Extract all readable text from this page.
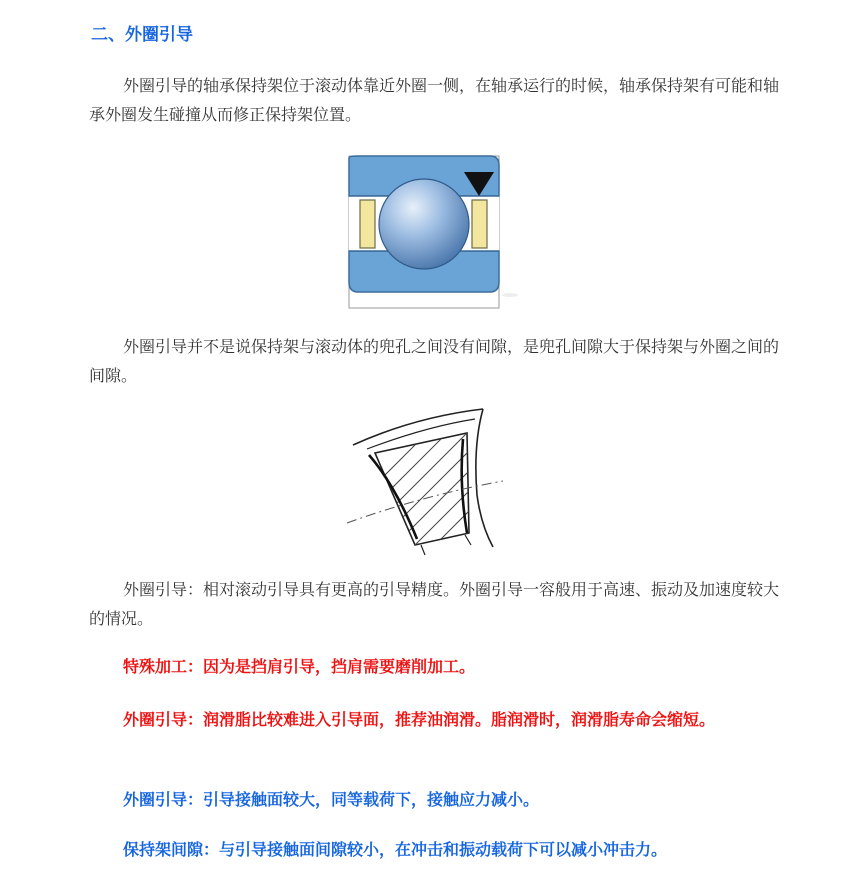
二、外圈引导

外圈引导的轴承保持架位于滚动体靠近外圈一侧，在轴承运行的时候，轴承保持架有可能和轴承外圈发生碰撞从而修正保持架位置。

外圈引导并不是说保持架与滚动体的兜孔之间没有间隙，是兜孔间隙大于保持架与外圈之间的间隙。

外圈引导：相对滚动引导具有更高的引导精度。外圈引导一容般用于高速、振动及加速度较大的情况。

特殊加工：因为是挡肩引导，挡肩需要磨削加工。

外圈引导：润滑脂比较难进入引导面，推荐油润滑。脂润滑时，润滑脂寿命会缩短。

外圈引导：引导接触面较大，同等载荷下，接触应力减小。

保持架间隙：与引导接触面间隙较小，在冲击和振动载荷下可以减小冲击力。
